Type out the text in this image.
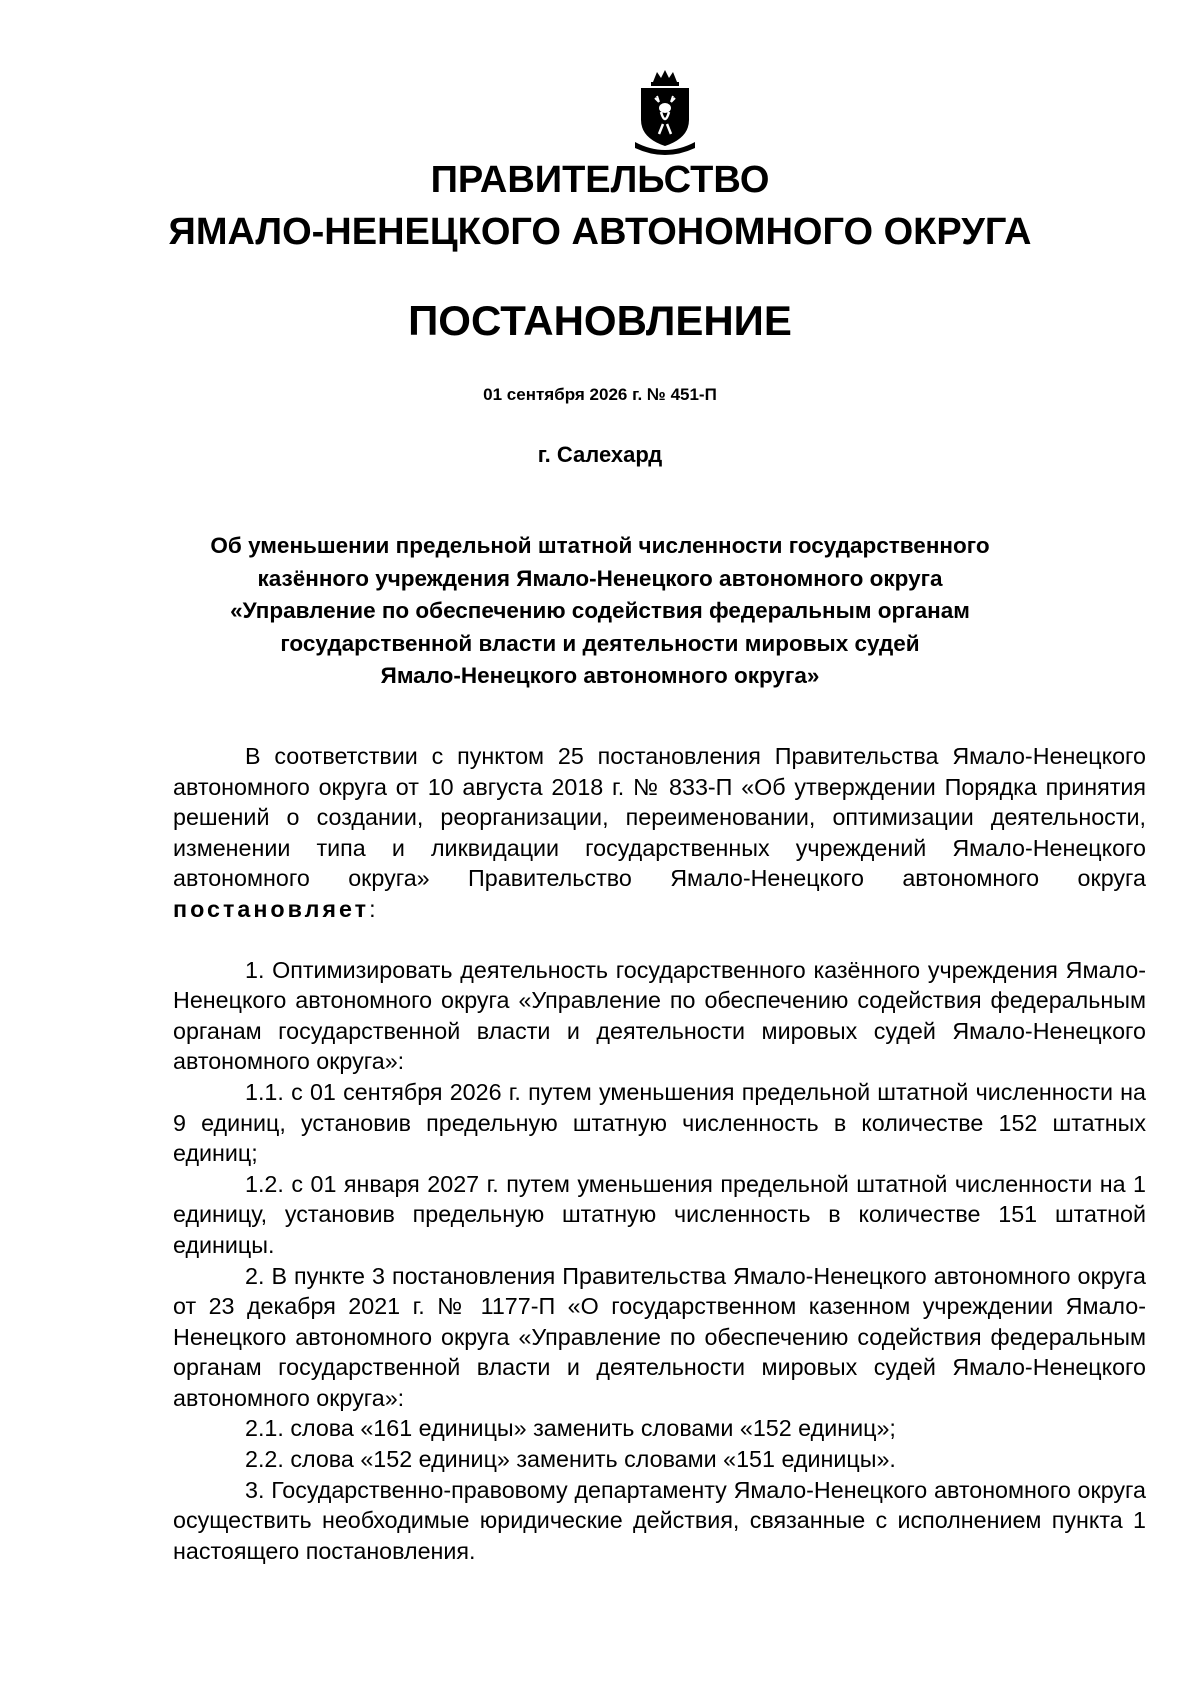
ПРАВИТЕЛЬСТВО
ЯМАЛО-НЕНЕЦКОГО АВТОНОМНОГО ОКРУГА
ПОСТАНОВЛЕНИЕ
01 сентября 2026 г. № 451-П
г. Салехард
Об уменьшении предельной штатной численности государственного
казённого учреждения Ямало-Ненецкого автономного округа
«Управление по обеспечению содействия федеральным органам
государственной власти и деятельности мировых судей
Ямало-Ненецкого автономного округа»

В соответствии с пунктом 25 постановления Правительства Ямало-Ненецкого автономного округа от 10 августа 2018 г. № 833-П «Об утверждении Порядка принятия решений о создании, реорганизации, переименовании, оптимизации деятельности, изменении типа и ликвидации государственных учреждений Ямало-Ненецкого автономного округа» Правительство Ямало-Ненецкого автономного округа постановляет:

1. Оптимизировать деятельность государственного казённого учреждения Ямало-Ненецкого автономного округа «Управление по обеспечению содействия федеральным органам государственной власти и деятельности мировых судей Ямало-Ненецкого автономного округа»:

1.1. с 01 сентября 2026 г. путем уменьшения предельной штатной численности на 9 единиц, установив предельную штатную численность в количестве 152 штатных единиц;

1.2. с 01 января 2027 г. путем уменьшения предельной штатной численности на 1 единицу, установив предельную штатную численность в количестве 151 штатной единицы.

2. В пункте 3 постановления Правительства Ямало-Ненецкого автономного округа от 23 декабря 2021 г. № 1177-П «О государственном казенном учреждении Ямало-Ненецкого автономного округа «Управление по обеспечению содействия федеральным органам государственной власти и деятельности мировых судей Ямало-Ненецкого автономного округа»:

2.1. слова «161 единицы» заменить словами «152 единиц»;

2.2. слова «152 единиц» заменить словами «151 единицы».

3. Государственно-правовому департаменту Ямало-Ненецкого автономного округа осуществить необходимые юридические действия, связанные с исполнением пункта 1 настоящего постановления.
